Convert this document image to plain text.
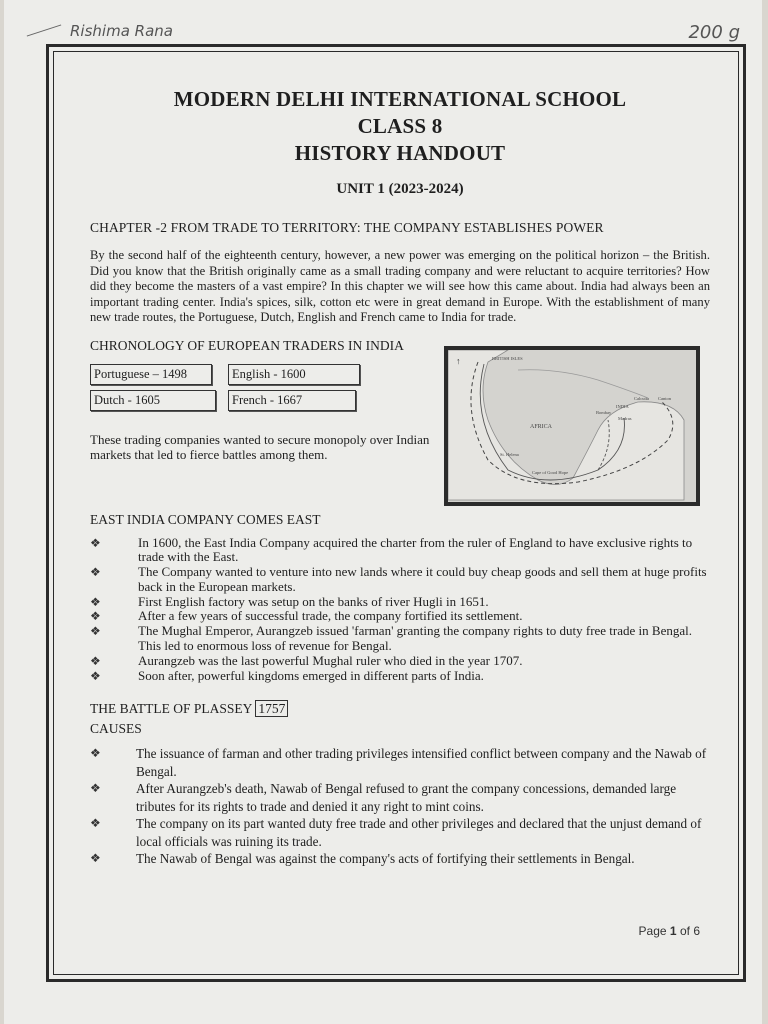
Rishima Rana	200 g
MODERN DELHI INTERNATIONAL SCHOOL
CLASS 8
HISTORY HANDOUT
UNIT 1 (2023-2024)
CHAPTER -2 FROM TRADE TO TERRITORY: THE COMPANY ESTABLISHES POWER
By the second half of the eighteenth century, however, a new power was emerging on the political horizon – the British. Did you know that the British originally came as a small trading company and were reluctant to acquire territories? How did they become the masters of a vast empire? In this chapter we will see how this came about. India had always been an important trading center. India's spices, silk, cotton etc were in great demand in Europe. With the establishment of many new trade routes, the Portuguese, Dutch, English and French came to India for trade.
CHRONOLOGY OF EUROPEAN TRADERS IN INDIA
Portuguese – 1498	English - 1600
Dutch - 1605	French - 1667
These trading companies wanted to secure monopoly over Indian markets that led to fierce battles among them.
↑	BRITISH ISLES
AFRICA
St. Helena
Cape of Good Hope
Bombay
INDIA
Calcutta Canton
Madras
EAST INDIA COMPANY COMES EAST
❖	In 1600, the East India Company acquired the charter from the ruler of England to have exclusive rights to trade with the East.
❖	The Company wanted to venture into new lands where it could buy cheap goods and sell them at huge profits back in the European markets.
❖	First English factory was setup on the banks of river Hugli in 1651.
❖	After a few years of successful trade, the company fortified its settlement.
❖	The Mughal Emperor, Aurangzeb issued 'farman' granting the company rights to duty free trade in Bengal. This led to enormous loss of revenue for Bengal.
❖	Aurangzeb was the last powerful Mughal ruler who died in the year 1707.
❖	Soon after, powerful kingdoms emerged in different parts of India.
THE BATTLE OF PLASSEY 1757
CAUSES
❖	The issuance of farman and other trading privileges intensified conflict between company and the Nawab of Bengal.
❖	After Aurangzeb's death, Nawab of Bengal refused to grant the company concessions, demanded large tributes for its rights to trade and denied it any right to mint coins.
❖	The company on its part wanted duty free trade and other privileges and declared that the unjust demand of local officials was ruining its trade.
❖	The Nawab of Bengal was against the company's acts of fortifying their settlements in Bengal.
Page 1 of 6
